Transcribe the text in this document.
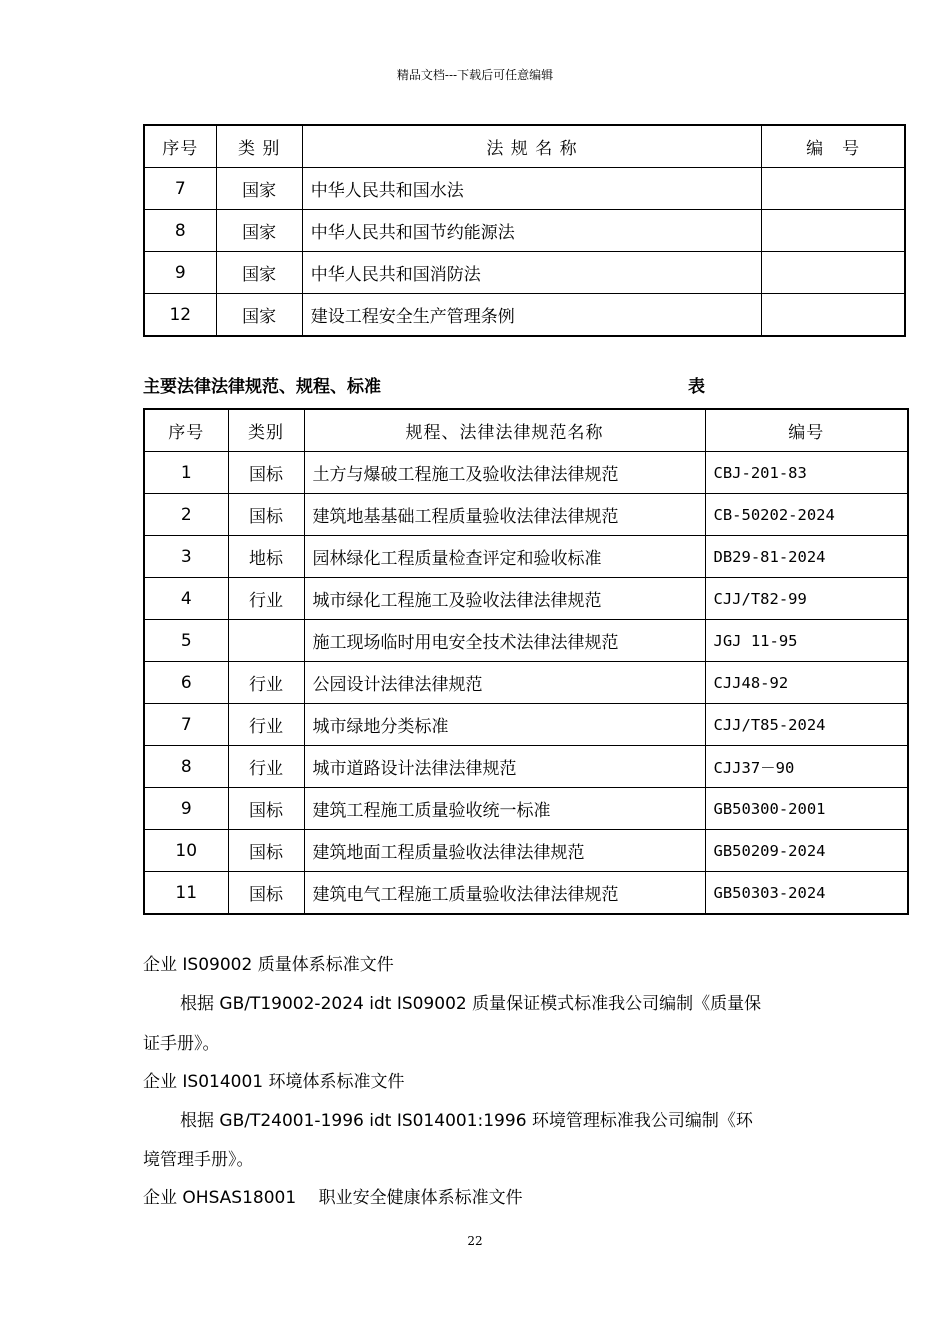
精品文档---下载后可任意编辑
序号	类 别	法 规 名 称	编　号
7	国家	中华人民共和国水法	
8	国家	中华人民共和国节约能源法	
9	国家	中华人民共和国消防法	
12	国家	建设工程安全生产管理条例	
主要法律法律规范、规程、标准	表
序号	类别	规程、法律法律规范名称	编号
1	国标	土方与爆破工程施工及验收法律法律规范	CBJ-201-83
2	国标	建筑地基基础工程质量验收法律法律规范	CB-50202-2024
3	地标	园林绿化工程质量检查评定和验收标准	DB29-81-2024
4	行业	城市绿化工程施工及验收法律法律规范	CJJ/T82-99
5		施工现场临时用电安全技术法律法律规范	JGJ 11-95
6	行业	公园设计法律法律规范	CJJ48-92
7	行业	城市绿地分类标准	CJJ/T85-2024
8	行业	城市道路设计法律法律规范	CJJ37－90
9	国标	建筑工程施工质量验收统一标准	GB50300-2001
10	国标	建筑地面工程质量验收法律法律规范	GB50209-2024
11	国标	建筑电气工程施工质量验收法律法律规范	GB50303-2024
企业 IS09002 质量体系标准文件
根据 GB/T19002-2024 idt IS09002 质量保证模式标准我公司编制《质量保
证手册》。
企业 IS014001 环境体系标准文件
根据 GB/T24001-1996 idt IS014001:1996 环境管理标准我公司编制《环
境管理手册》。
企业 OHSAS18001　 职业安全健康体系标准文件
22
